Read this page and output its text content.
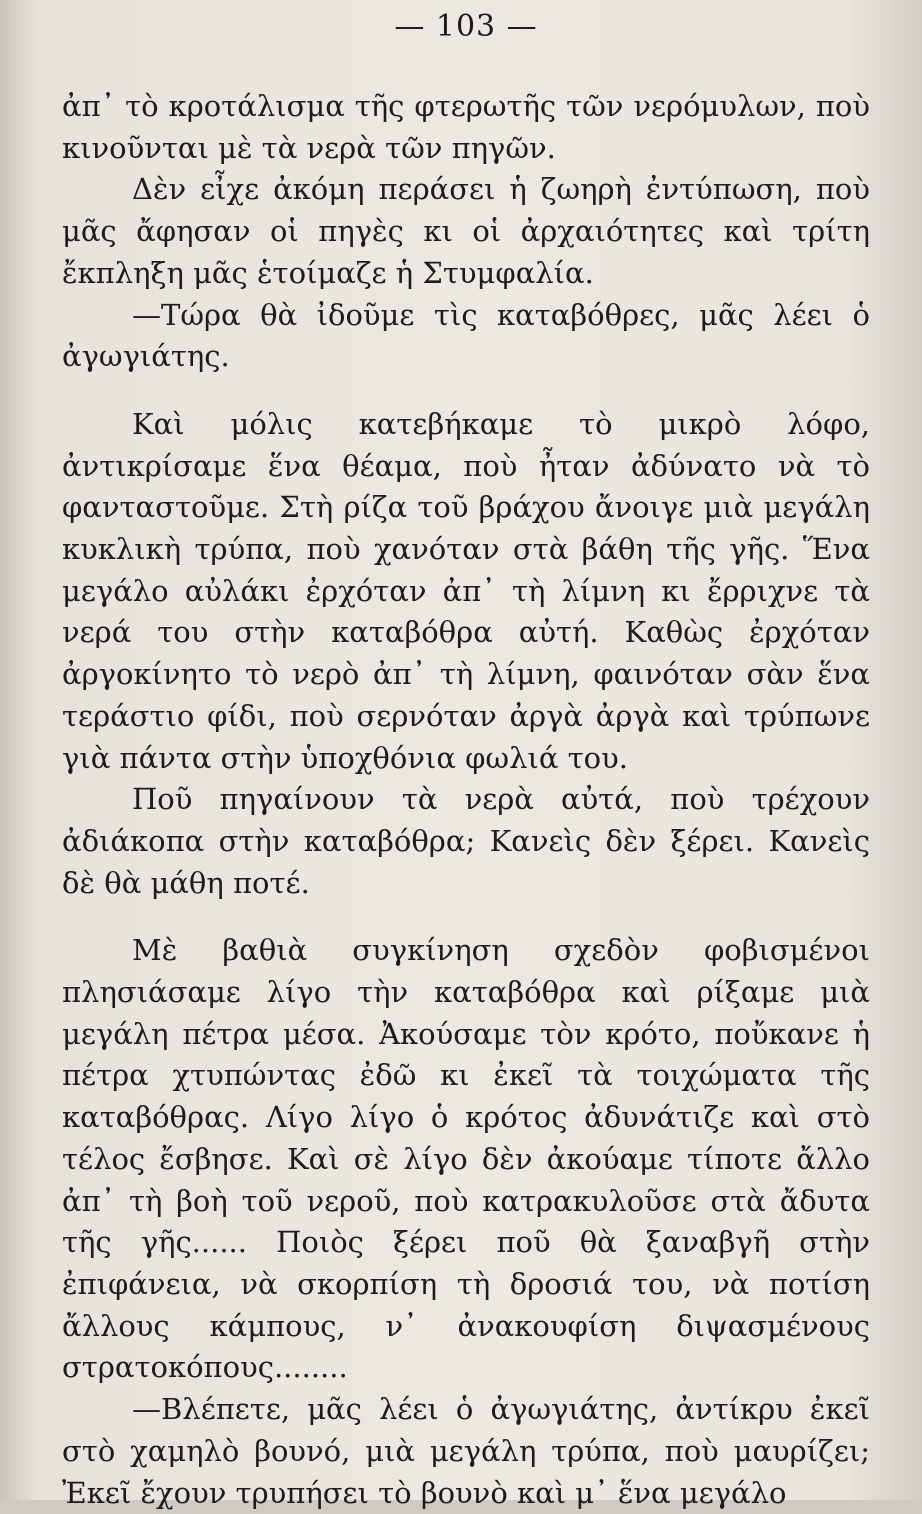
— 103 —

ἀπ᾽ τὸ κροτάλισμα τῆς φτερωτῆς τῶν νερόμυλων, ποὺ κινοῦνται μὲ τὰ νερὰ τῶν πηγῶν.

Δὲν εἶχε ἀκόμη περάσει ἡ ζωηρὴ ἐντύπωση, ποὺ μᾶς ἄφησαν οἱ πηγὲς κι οἱ ἀρχαιότητες καὶ τρίτη ἔκπληξη μᾶς ἑτοίμαζε ἡ Στυμφαλία.

—Τώρα θὰ ἰδοῦμε τὶς καταβόθρες, μᾶς λέει ὁ ἀγωγιάτης.

Καὶ μόλις κατεβήκαμε τὸ μικρὸ λόφο, ἀντικρίσαμε ἕνα θέαμα, ποὺ ἦταν ἀδύνατο νὰ τὸ φανταστοῦμε. Στὴ ρίζα τοῦ βράχου ἄνοιγε μιὰ μεγάλη κυκλικὴ τρύπα, ποὺ χανόταν στὰ βάθη τῆς γῆς. Ἕνα μεγάλο αὐλάκι ἐρχόταν ἀπ᾽ τὴ λίμνη κι ἔρριχνε τὰ νερά του στὴν καταβόθρα αὐτή. Καθὼς ἐρχόταν ἀργοκίνητο τὸ νερὸ ἀπ᾽ τὴ λίμνη, φαινόταν σὰν ἕνα τεράστιο φίδι, ποὺ σερνόταν ἀργὰ ἀργὰ καὶ τρύπωνε γιὰ πάντα στὴν ὑποχθόνια φωλιά του.

Ποῦ πηγαίνουν τὰ νερὰ αὐτά, ποὺ τρέχουν ἀδιάκοπα στὴν καταβόθρα; Κανεὶς δὲν ξέρει. Κανεὶς δὲ θὰ μάθη ποτέ.

Μὲ βαθιὰ συγκίνηση σχεδὸν φοβισμένοι πλησιάσαμε λίγο τὴν καταβόθρα καὶ ρίξαμε μιὰ μεγάλη πέτρα μέσα. Ἀκούσαμε τὸν κρότο, ποὔκανε ἡ πέτρα χτυπώντας ἐδῶ κι ἐκεῖ τὰ τοιχώματα τῆς καταβόθρας. Λίγο λίγο ὁ κρότος ἀδυνάτιζε καὶ στὸ τέλος ἔσβησε. Καὶ σὲ λίγο δὲν ἀκούαμε τίποτε ἄλλο ἀπ᾽ τὴ βοὴ τοῦ νεροῦ, ποὺ κατρακυλοῦσε στὰ ἄδυτα τῆς γῆς...... Ποιὸς ξέρει ποῦ θὰ ξαναβγῆ στὴν ἐπιφάνεια, νὰ σκορπίση τὴ δροσιά του, νὰ ποτίση ἄλλους κάμπους, ν᾽ ἀνακουφίση διψασμένους στρατοκόπους........

—Βλέπετε, μᾶς λέει ὁ ἀγωγιάτης, ἀντίκρυ ἐκεῖ στὸ χαμηλὸ βουνό, μιὰ μεγάλη τρύπα, ποὺ μαυρίζει; Ἐκεῖ ἔχουν τρυπήσει τὸ βουνὸ καὶ μ᾽ ἕνα μεγάλο
